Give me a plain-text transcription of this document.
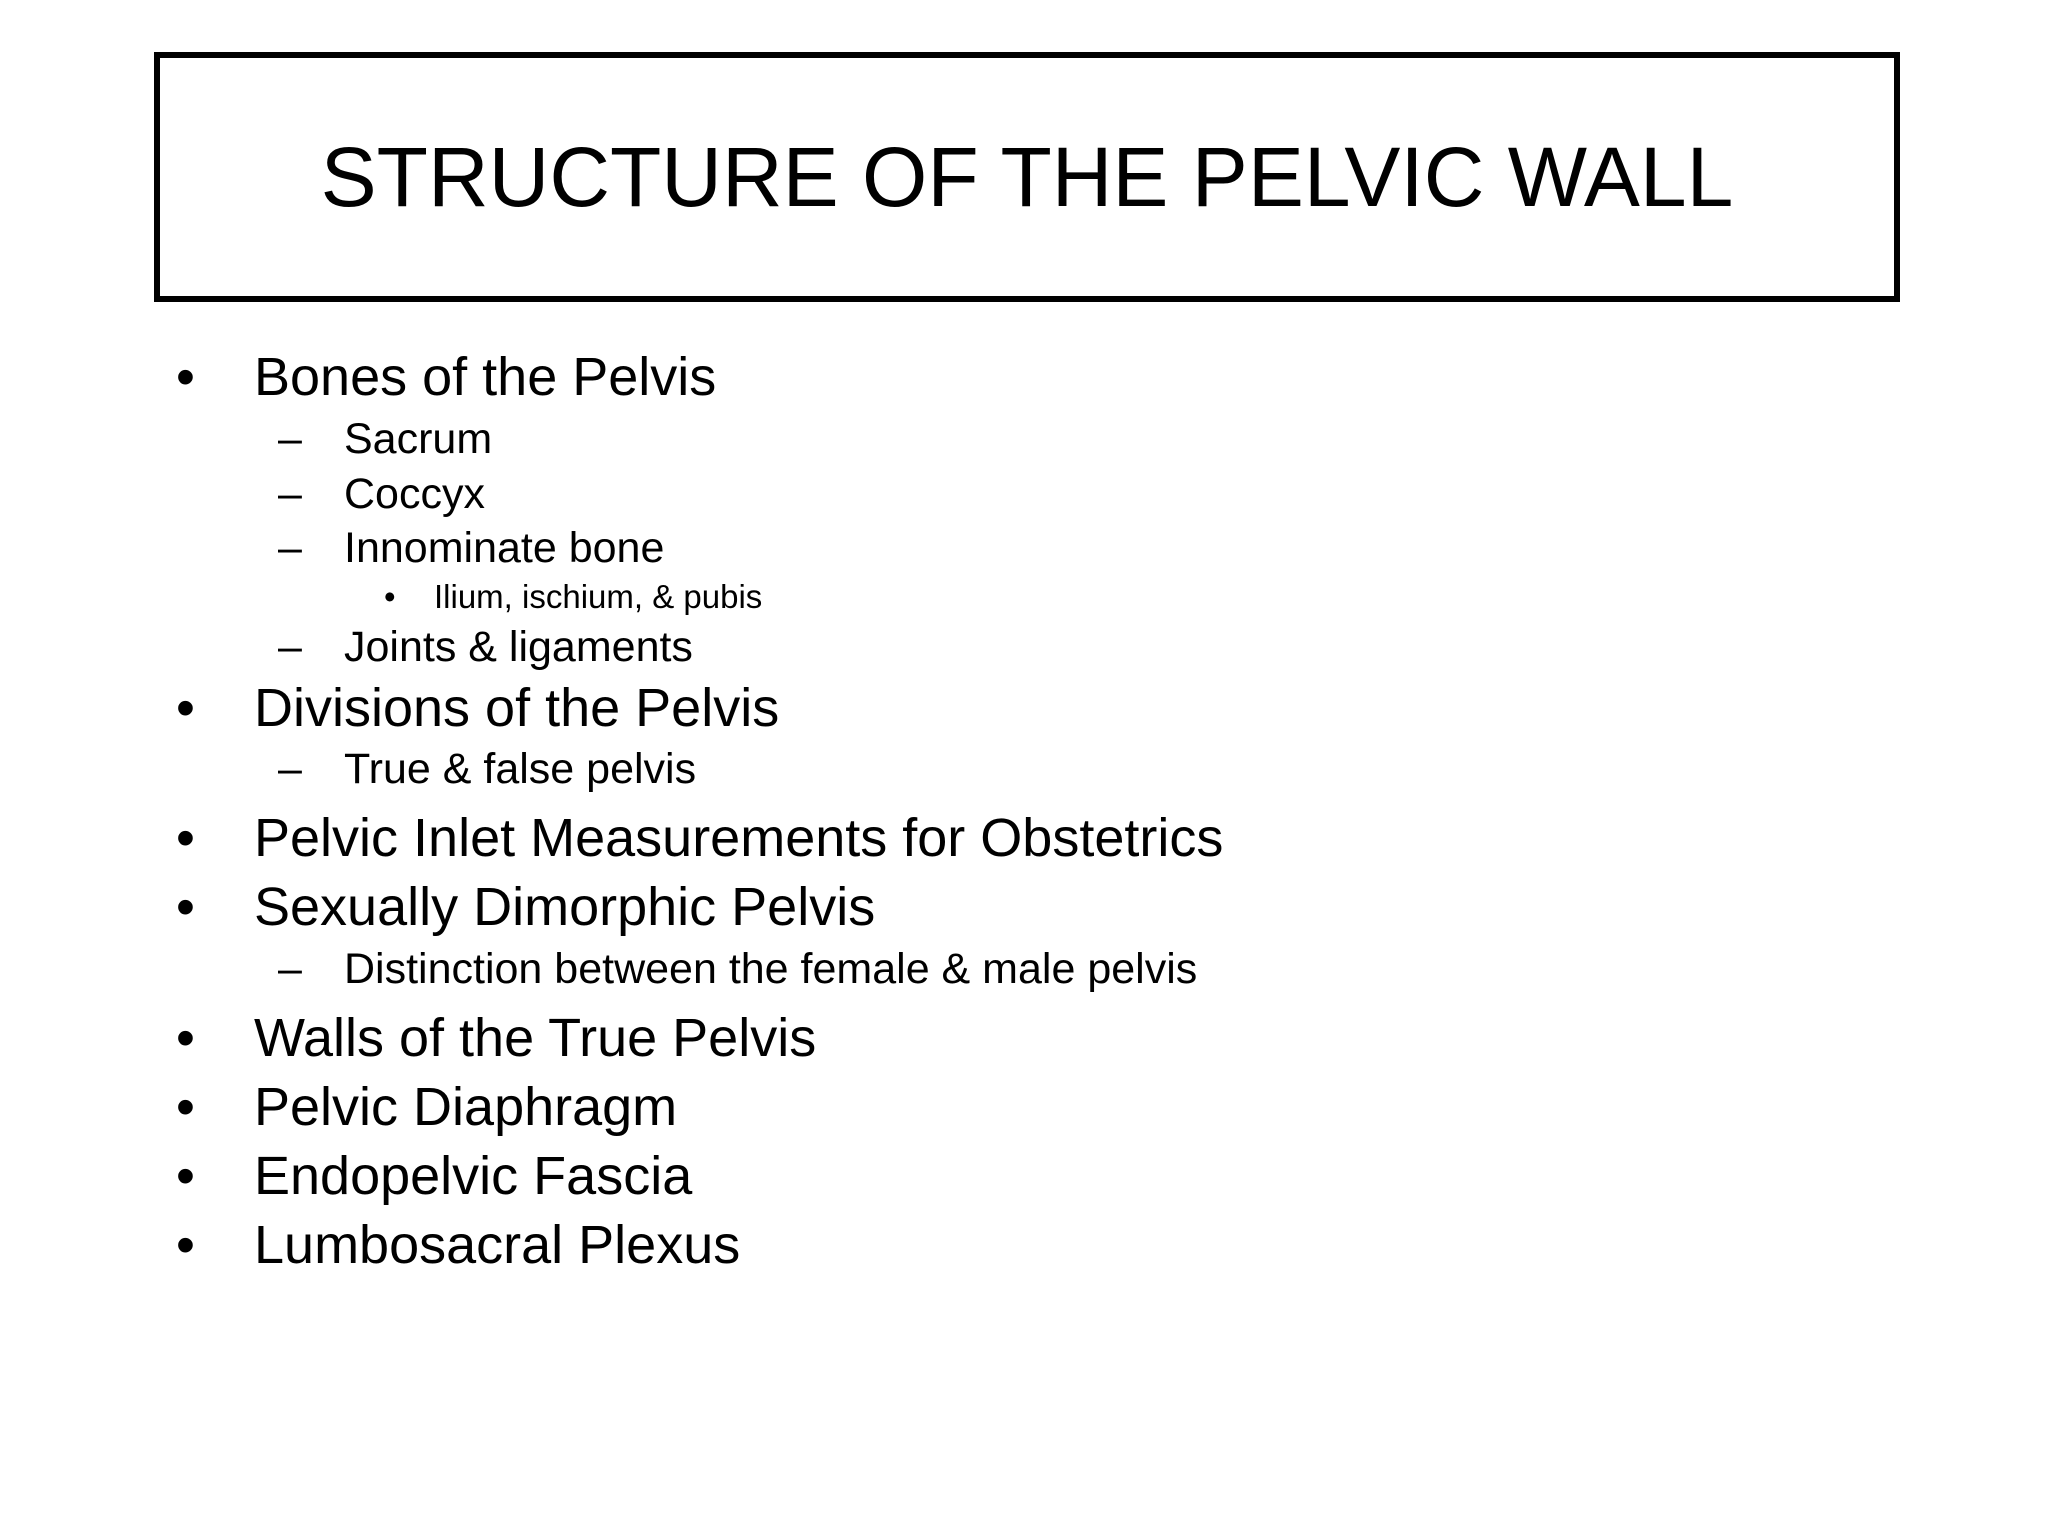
STRUCTURE OF THE PELVIC WALL
• Bones of the Pelvis
– Sacrum
– Coccyx
– Innominate bone
• Ilium, ischium, & pubis
– Joints & ligaments
• Divisions of the Pelvis
– True & false pelvis
• Pelvic Inlet Measurements for Obstetrics
• Sexually Dimorphic Pelvis
– Distinction between the female & male pelvis
• Walls of the True Pelvis
• Pelvic Diaphragm
• Endopelvic Fascia
• Lumbosacral Plexus
